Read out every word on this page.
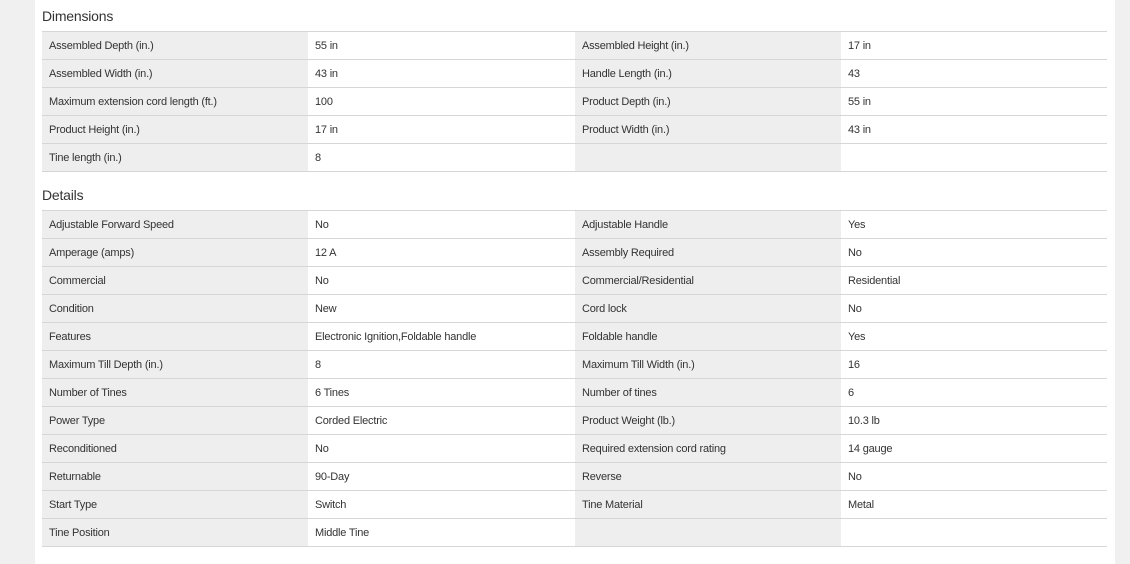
Dimensions
Assembled Depth (in.)	55 in	Assembled Height (in.)	17 in
Assembled Width (in.)	43 in	Handle Length (in.)	43
Maximum extension cord length (ft.)	100	Product Depth (in.)	55 in
Product Height (in.)	17 in	Product Width (in.)	43 in
Tine length (in.)	8		
Details
Adjustable Forward Speed	No	Adjustable Handle	Yes
Amperage (amps)	12 A	Assembly Required	No
Commercial	No	Commercial/Residential	Residential
Condition	New	Cord lock	No
Features	Electronic Ignition,Foldable handle	Foldable handle	Yes
Maximum Till Depth (in.)	8	Maximum Till Width (in.)	16
Number of Tines	6 Tines	Number of tines	6
Power Type	Corded Electric	Product Weight (lb.)	10.3 lb
Reconditioned	No	Required extension cord rating	14 gauge
Returnable	90-Day	Reverse	No
Start Type	Switch	Tine Material	Metal
Tine Position	Middle Tine		
